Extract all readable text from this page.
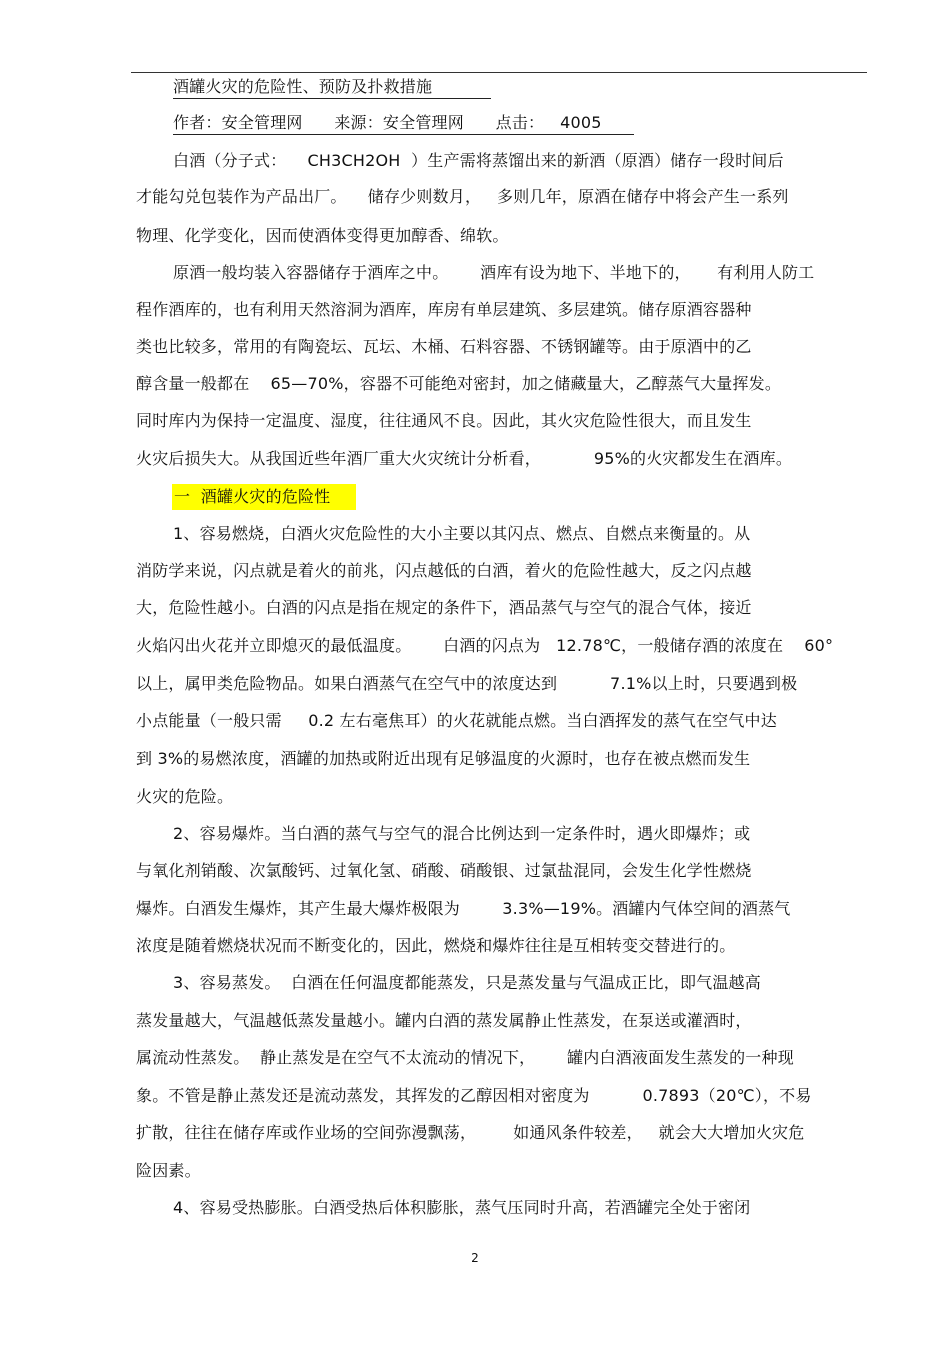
酒罐火灾的危险性、预防及扑救措施
作者：安全管理网      来源：安全管理网      点击：   4005
白酒（分子式：    CH3CH2OH  ）生产需将蒸馏出来的新酒（原酒）储存一段时间后
才能勾兑包装作为产品出厂。    储存少则数月，   多则几年，原酒在储存中将会产生一系列
物理、化学变化，因而使酒体变得更加醇香、绵软。
原酒一般均装入容器储存于酒库之中。      酒库有设为地下、半地下的，     有利用人防工
程作酒库的，也有利用天然溶洞为酒库，库房有单层建筑、多层建筑。储存原酒容器种
类也比较多，常用的有陶瓷坛、瓦坛、木桶、石料容器、不锈钢罐等。由于原酒中的乙
醇含量一般都在    65—70%，容器不可能绝对密封，加之储藏量大，乙醇蒸气大量挥发。
同时库内为保持一定温度、湿度，往往通风不良。因此，其火灾危险性很大，而且发生
火灾后损失大。从我国近些年酒厂重大火灾统计分析看，          95%的火灾都发生在酒库。
一  酒罐火灾的危险性
1、容易燃烧，白酒火灾危险性的大小主要以其闪点、燃点、自燃点来衡量的。从
消防学来说，闪点就是着火的前兆，闪点越低的白酒，着火的危险性越大，反之闪点越
大，危险性越小。白酒的闪点是指在规定的条件下，酒品蒸气与空气的混合气体，接近
火焰闪出火花并立即熄灭的最低温度。      白酒的闪点为   12.78℃，一般储存酒的浓度在    60°
以上，属甲类危险物品。如果白酒蒸气在空气中的浓度达到          7.1%以上时，只要遇到极
小点能量（一般只需     0.2 左右毫焦耳）的火花就能点燃。当白酒挥发的蒸气在空气中达
到 3%的易燃浓度，酒罐的加热或附近出现有足够温度的火源时，也存在被点燃而发生
火灾的危险。
2、容易爆炸。当白酒的蒸气与空气的混合比例达到一定条件时，遇火即爆炸；或
与氧化剂销酸、次氯酸钙、过氧化氢、硝酸、硝酸银、过氯盐混同，会发生化学性燃烧
爆炸。白酒发生爆炸，其产生最大爆炸极限为        3.3%—19%。酒罐内气体空间的酒蒸气
浓度是随着燃烧状况而不断变化的，因此，燃烧和爆炸往往是互相转变交替进行的。
3、容易蒸发。  白酒在任何温度都能蒸发，只是蒸发量与气温成正比，即气温越高
蒸发量越大，气温越低蒸发量越小。罐内白酒的蒸发属静止性蒸发，在泵送或灌酒时，
属流动性蒸发。  静止蒸发是在空气不太流动的情况下，      罐内白酒液面发生蒸发的一种现
象。不管是静止蒸发还是流动蒸发，其挥发的乙醇因相对密度为          0.7893（20℃），不易
扩散，往往在储存库或作业场的空间弥漫飘荡，       如通风条件较差，   就会大大增加火灾危
险因素。
4、容易受热膨胀。白酒受热后体积膨胀，蒸气压同时升高，若酒罐完全处于密闭
2
